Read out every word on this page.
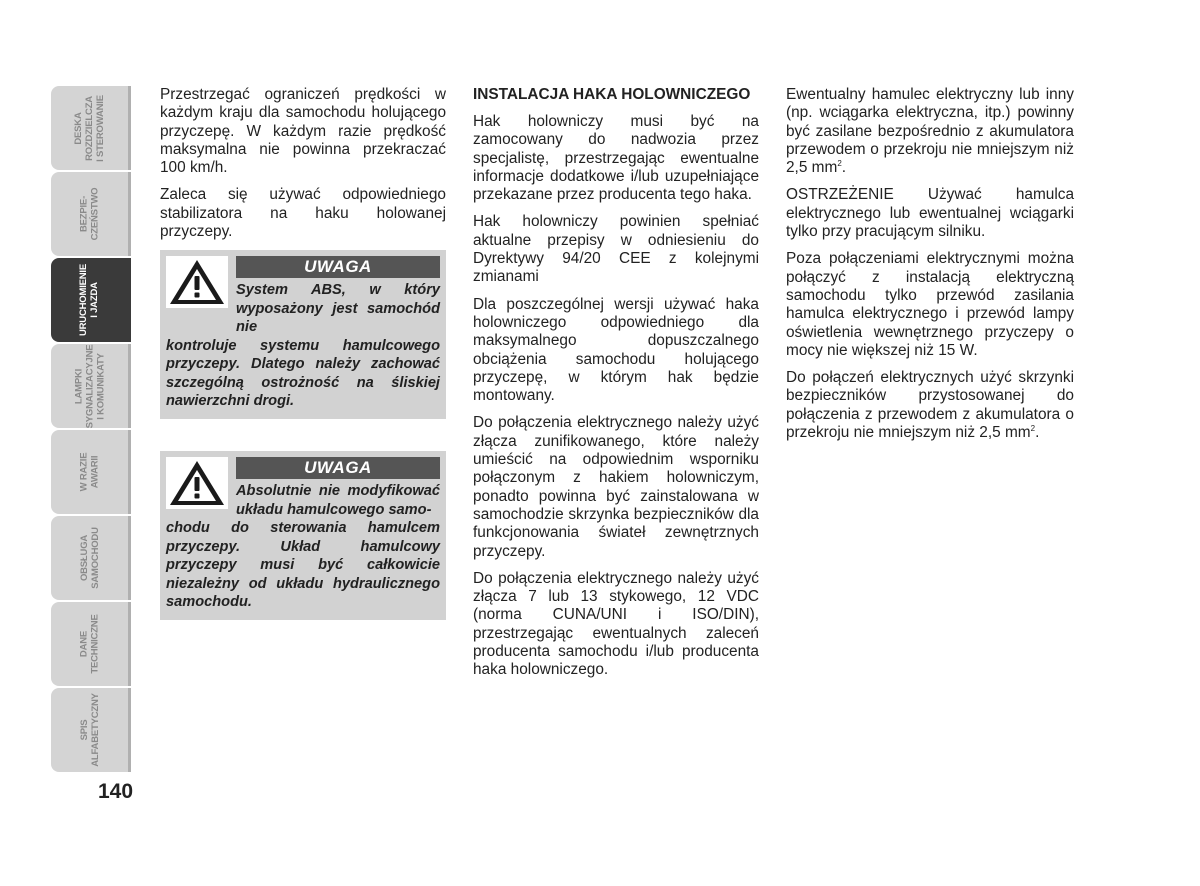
DESKA
ROZDZIELCZA
I STEROWANIE
BEZPIE-
CZEŃSTWO
URUCHOMIENIE
I JAZDA
LAMPKI
SYGNALIZACYJNE
I KOMUNIKATY
W RAZIE
AWARII
OBSŁUGA
SAMOCHODU
DANE
TECHNICZNE
SPIS
ALFABETYCZNY
140

Przestrzegać ograniczeń prędkości w każdym kraju dla samochodu holującego przyczepę. W każdym razie prędkość maksymalna nie powinna przekraczać 100 km/h.

Zaleca się używać odpowiedniego stabilizatora na haku holowanej przyczepy.

UWAGA
System ABS, w który wyposażony jest samochód nie
kontroluje systemu hamulcowego przyczepy. Dlatego należy zachować szczególną ostrożność na śliskiej nawierzchni drogi.
UWAGA
Absolutnie nie modyfikować układu hamulcowego samo-
chodu do sterowania hamulcem przyczepy. Układ hamulcowy przyczepy musi być całkowicie niezależny od układu hydraulicznego samochodu.
INSTALACJA HAKA HOLOWNICZEGO

Hak holowniczy musi być na zamocowany do nadwozia przez specjalistę, przestrzegając ewentualne informacje dodatkowe i/lub uzupełniające przekazane przez producenta tego haka.

Hak holowniczy powinien spełniać aktualne przepisy w odniesieniu do Dyrektywy 94/20 CEE z kolejnymi zmianami

Dla poszczególnej wersji używać haka holowniczego odpowiedniego dla maksymalnego dopuszczalnego obciążenia samochodu holującego przyczepę, w którym hak będzie montowany.

Do połączenia elektrycznego należy użyć złącza zunifikowanego, które należy umieścić na odpowiednim wsporniku połączonym z hakiem holowniczym, ponadto powinna być zainstalowana w samochodzie skrzynka bezpieczników dla funkcjonowania świateł zewnętrznych przyczepy.

Do połączenia elektrycznego należy użyć złącza 7 lub 13 stykowego, 12 VDC (norma CUNA/UNI i ISO/DIN), przestrzegając ewentualnych zaleceń producenta samochodu i/lub producenta haka holowniczego.

Ewentualny hamulec elektryczny lub inny (np. wciągarka elektryczna, itp.) powinny być zasilane bezpośrednio z akumulatora przewodem o przekroju nie mniejszym niż 2,5 $mm^2$.

OSTRZEŻENIE Używać hamulca elektrycznego lub ewentualnej wciągarki tylko przy pracującym silniku.

Poza połączeniami elektrycznymi można połączyć z instalacją elektryczną samochodu tylko przewód zasilania hamulca elektrycznego i przewód lampy oświetlenia wewnętrznego przyczepy o mocy nie większej niż 15 W.

Do połączeń elektrycznych użyć skrzynki bezpieczników przystosowanej do połączenia z przewodem z akumulatora o przekroju nie mniejszym niż 2,5 $mm^2$.
